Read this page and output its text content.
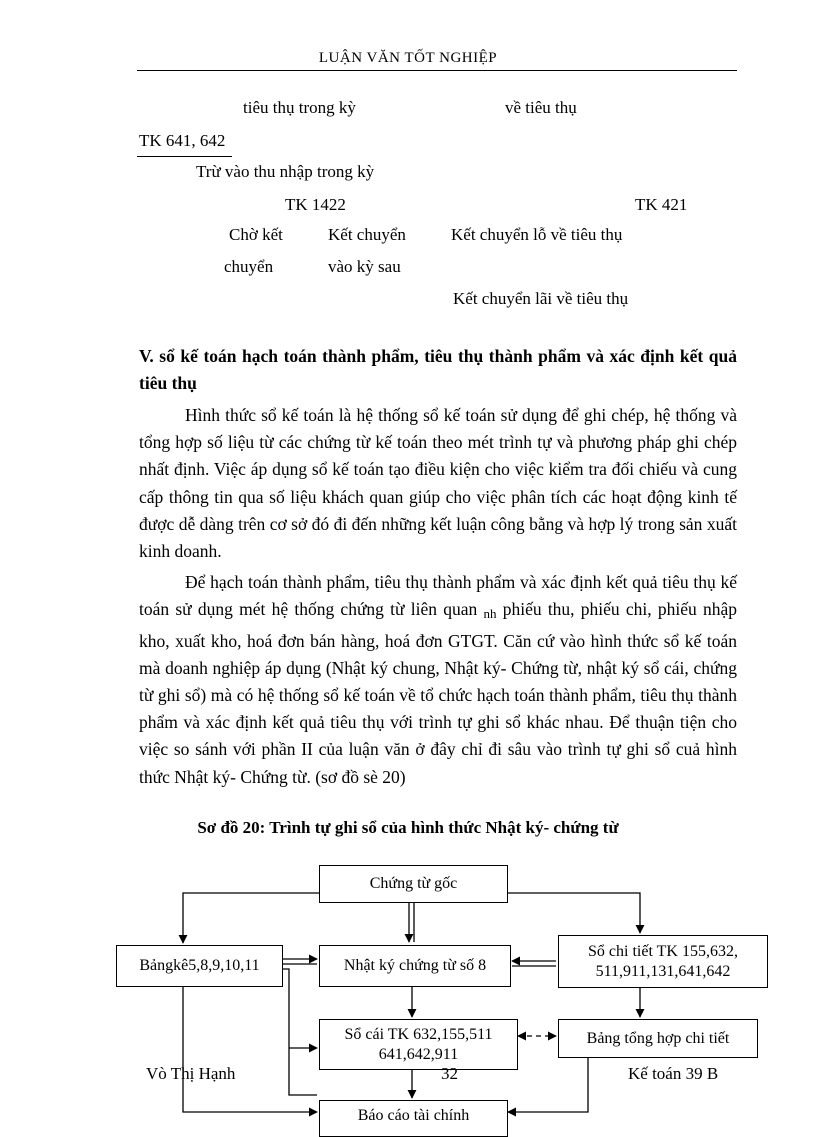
LUẬN VĂN TỐT NGHIỆP
tiêu thụ trong kỳ	về tiêu thụ
TK 641, 642
Trừ vào thu nhập trong kỳ
TK 1422	TK 421
Chờ kết	Kết chuyển	Kết chuyển lỗ về tiêu thụ
chuyển	vào kỳ sau
Kết chuyển lãi về tiêu thụ
V. sổ kế toán hạch toán thành phẩm, tiêu thụ thành phẩm và xác định kết quả tiêu thụ

Hình thức sổ kế toán là hệ thống sổ kế toán sử dụng để ghi chép, hệ thống và tổng hợp số liệu từ các chứng từ kế toán theo mét trình tự và phương pháp ghi chép nhất định. Việc áp dụng sổ kế toán tạo điều kiện cho việc kiểm tra đối chiếu và cung cấp thông tin qua số liệu khách quan giúp cho việc phân tích các hoạt động kinh tế được dễ dàng trên cơ sở đó đi đến những kết luận công bằng và hợp lý trong sản xuất kinh doanh.

Để hạch toán thành phẩm, tiêu thụ thành phẩm và xác định kết quả tiêu thụ kế toán sử dụng mét hệ thống chứng từ liên quan nh phiếu thu, phiếu chi, phiếu nhập kho, xuất kho, hoá đơn bán hàng, hoá đơn GTGT. Căn cứ vào hình thức sổ kế toán mà doanh nghiệp áp dụng (Nhật ký chung, Nhật ký- Chứng từ, nhật ký sổ cái, chứng từ ghi sổ) mà có hệ thống sổ kế toán về tổ chức hạch toán thành phẩm, tiêu thụ thành phẩm và xác định kết quả tiêu thụ với trình tự ghi sổ khác nhau. Để thuận tiện cho việc so sánh với phần II của luận văn ở đây chỉ đi sâu vào trình tự ghi sổ cuả hình thức Nhật ký- Chứng từ. (sơ đồ sè 20)

Sơ đồ 20: Trình tự ghi sổ của hình thức Nhật ký- chứng từ
Chứng từ gốc
Bảngkê5,8,9,10,11	Nhật ký chứng từ số 8
Sổ chi tiết TK 155,632,
511,911,131,641,642
Sổ cái TK 632,155,511
641,642,911
Bảng tổng hợp chi tiết
Báo cáo tài chính
Vò Thị Hạnh	32	Kế toán 39 B
